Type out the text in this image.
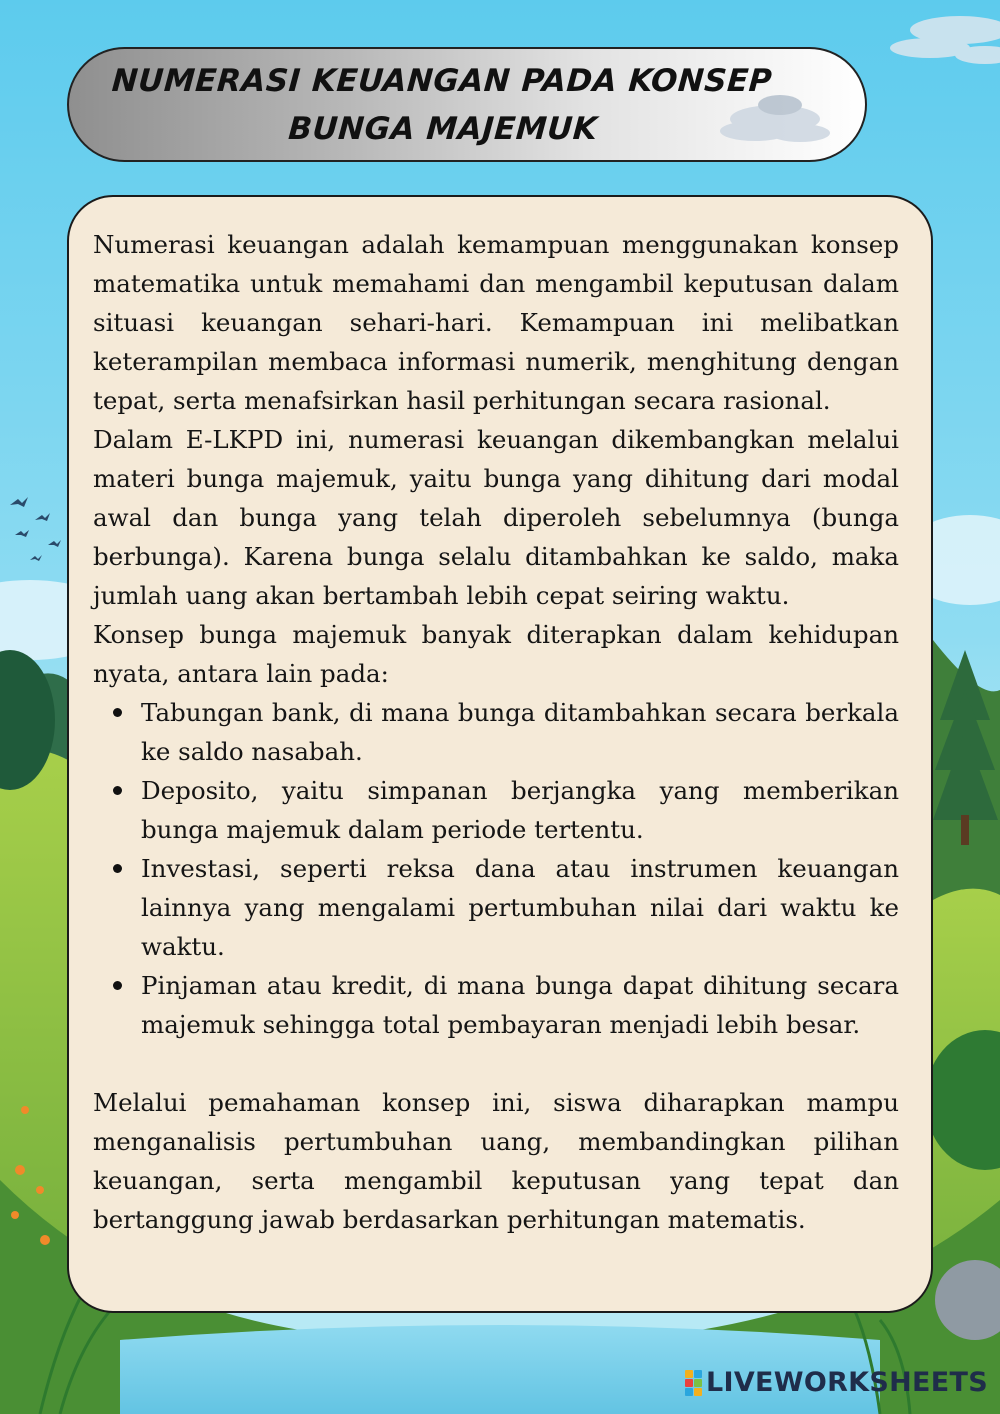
NUMERASI KEUANGAN PADA KONSEP
BUNGA MAJEMUK

Numerasi keuangan adalah kemampuan menggunakan konsep matematika untuk memahami dan mengambil keputusan dalam situasi keuangan sehari-hari. Kemampuan ini melibatkan keterampilan membaca informasi numerik, menghitung dengan tepat, serta menafsirkan hasil perhitungan secara rasional.

Dalam E-LKPD ini, numerasi keuangan dikembangkan melalui materi bunga majemuk, yaitu bunga yang dihitung dari modal awal dan bunga yang telah diperoleh sebelumnya (bunga berbunga). Karena bunga selalu ditambahkan ke saldo, maka jumlah uang akan bertambah lebih cepat seiring waktu.

Konsep bunga majemuk banyak diterapkan dalam kehidupan nyata, antara lain pada:

Tabungan bank, di mana bunga ditambahkan secara berkala ke saldo nasabah.
Deposito, yaitu simpanan berjangka yang memberikan bunga majemuk dalam periode tertentu.
Investasi, seperti reksa dana atau instrumen keuangan lainnya yang mengalami pertumbuhan nilai dari waktu ke waktu.
Pinjaman atau kredit, di mana bunga dapat dihitung secara majemuk sehingga total pembayaran menjadi lebih besar.

Melalui pemahaman konsep ini, siswa diharapkan mampu menganalisis pertumbuhan uang, membandingkan pilihan keuangan, serta mengambil keputusan yang tepat dan bertanggung jawab berdasarkan perhitungan matematis.

LIVEWORKSHEETS
